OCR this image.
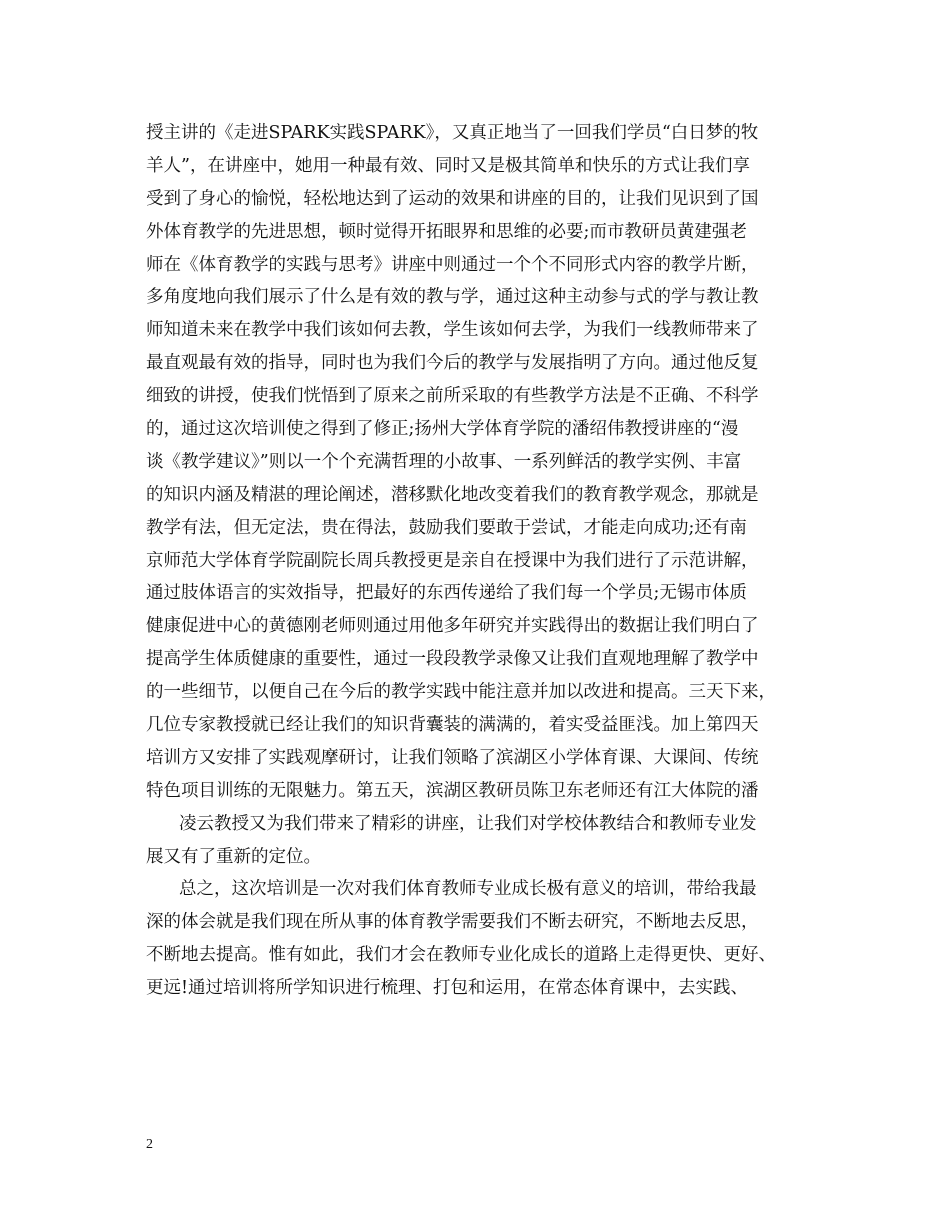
授主讲的《走进SPARK实践SPARK》，又真正地当了一回我们学员“白日梦的牧
羊人”，在讲座中，她用一种最有效、同时又是极其简单和快乐的方式让我们享
受到了身心的愉悦，轻松地达到了运动的效果和讲座的目的，让我们见识到了国
外体育教学的先进思想，顿时觉得开拓眼界和思维的必要;而市教研员黄建强老
师在《体育教学的实践与思考》讲座中则通过一个个不同形式内容的教学片断，
多角度地向我们展示了什么是有效的教与学，通过这种主动参与式的学与教让教
师知道未来在教学中我们该如何去教，学生该如何去学，为我们一线教师带来了
最直观最有效的指导，同时也为我们今后的教学与发展指明了方向。通过他反复
细致的讲授，使我们恍悟到了原来之前所采取的有些教学方法是不正确、不科学
的，通过这次培训使之得到了修正;扬州大学体育学院的潘绍伟教授讲座的“漫
谈《教学建议》”则以一个个充满哲理的小故事、一系列鲜活的教学实例、丰富
的知识内涵及精湛的理论阐述，潜移默化地改变着我们的教育教学观念，那就是
教学有法，但无定法，贵在得法，鼓励我们要敢于尝试，才能走向成功;还有南
京师范大学体育学院副院长周兵教授更是亲自在授课中为我们进行了示范讲解，
通过肢体语言的实效指导，把最好的东西传递给了我们每一个学员;无锡市体质
健康促进中心的黄德刚老师则通过用他多年研究并实践得出的数据让我们明白了
提高学生体质健康的重要性，通过一段段教学录像又让我们直观地理解了教学中
的一些细节，以便自己在今后的教学实践中能注意并加以改进和提高。三天下来，
几位专家教授就已经让我们的知识背囊装的满满的，着实受益匪浅。加上第四天
培训方又安排了实践观摩研讨，让我们领略了滨湖区小学体育课、大课间、传统
特色项目训练的无限魅力。第五天，滨湖区教研员陈卫东老师还有江大体院的潘
凌云教授又为我们带来了精彩的讲座，让我们对学校体教结合和教师专业发
展又有了重新的定位。
总之，这次培训是一次对我们体育教师专业成长极有意义的培训，带给我最
深的体会就是我们现在所从事的体育教学需要我们不断去研究，不断地去反思，
不断地去提高。惟有如此，我们才会在教师专业化成长的道路上走得更快、更好、
更远!通过培训将所学知识进行梳理、打包和运用，在常态体育课中，去实践、
2
